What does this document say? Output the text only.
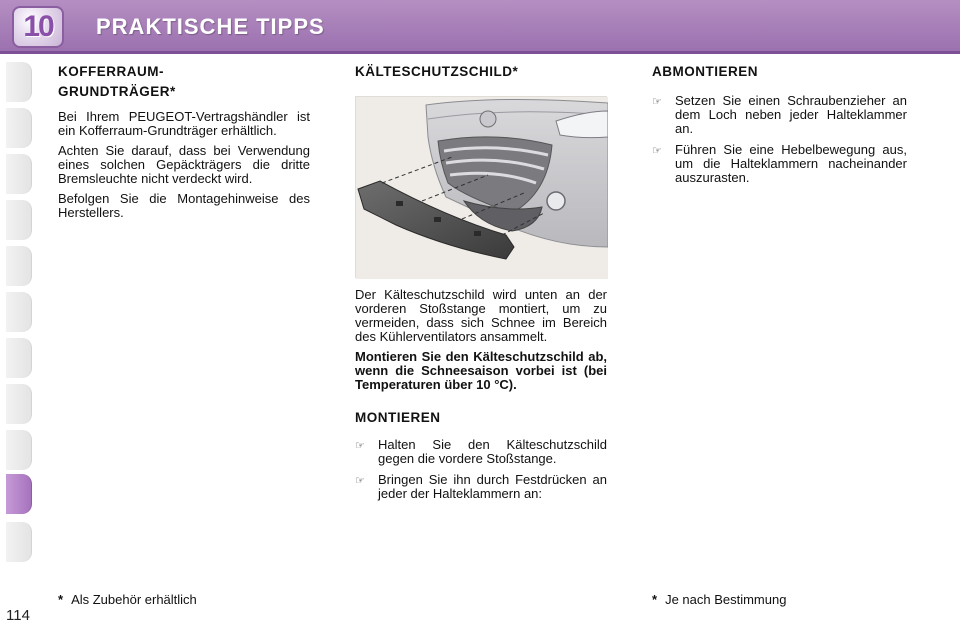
10 PRAKTISCHE TIPPS
KOFFERRAUM-
GRUNDTRÄGER*

Bei Ihrem PEUGEOT-Vertragshändler ist ein Kofferraum-Grundträger erhältlich.

Achten Sie darauf, dass bei Verwendung eines solchen Gepäckträgers die dritte Bremsleuchte nicht verdeckt wird.

Befolgen Sie die Montagehinweise des Herstellers.

KÄLTESCHUTZSCHILD*

Der Kälteschutzschild wird unten an der vorderen Stoßstange montiert, um zu vermeiden, dass sich Schnee im Bereich des Kühlerventilators ansammelt.

Montieren Sie den Kälteschutzschild ab, wenn die Schneesaison vorbei ist (bei Temperaturen über 10 °C).

MONTIEREN
☞	Halten Sie den Kälteschutzschild gegen die vordere Stoßstange.
☞	Bringen Sie ihn durch Festdrücken an jeder der Halteklammern an:
ABMONTIEREN
☞	Setzen Sie einen Schraubenzieher an dem Loch neben jeder Halteklammer an.
☞	Führen Sie eine Hebelbewegung aus, um die Halteklammern nacheinander auszurasten.
* Als Zubehör erhältlich	* Je nach Bestimmung
114
